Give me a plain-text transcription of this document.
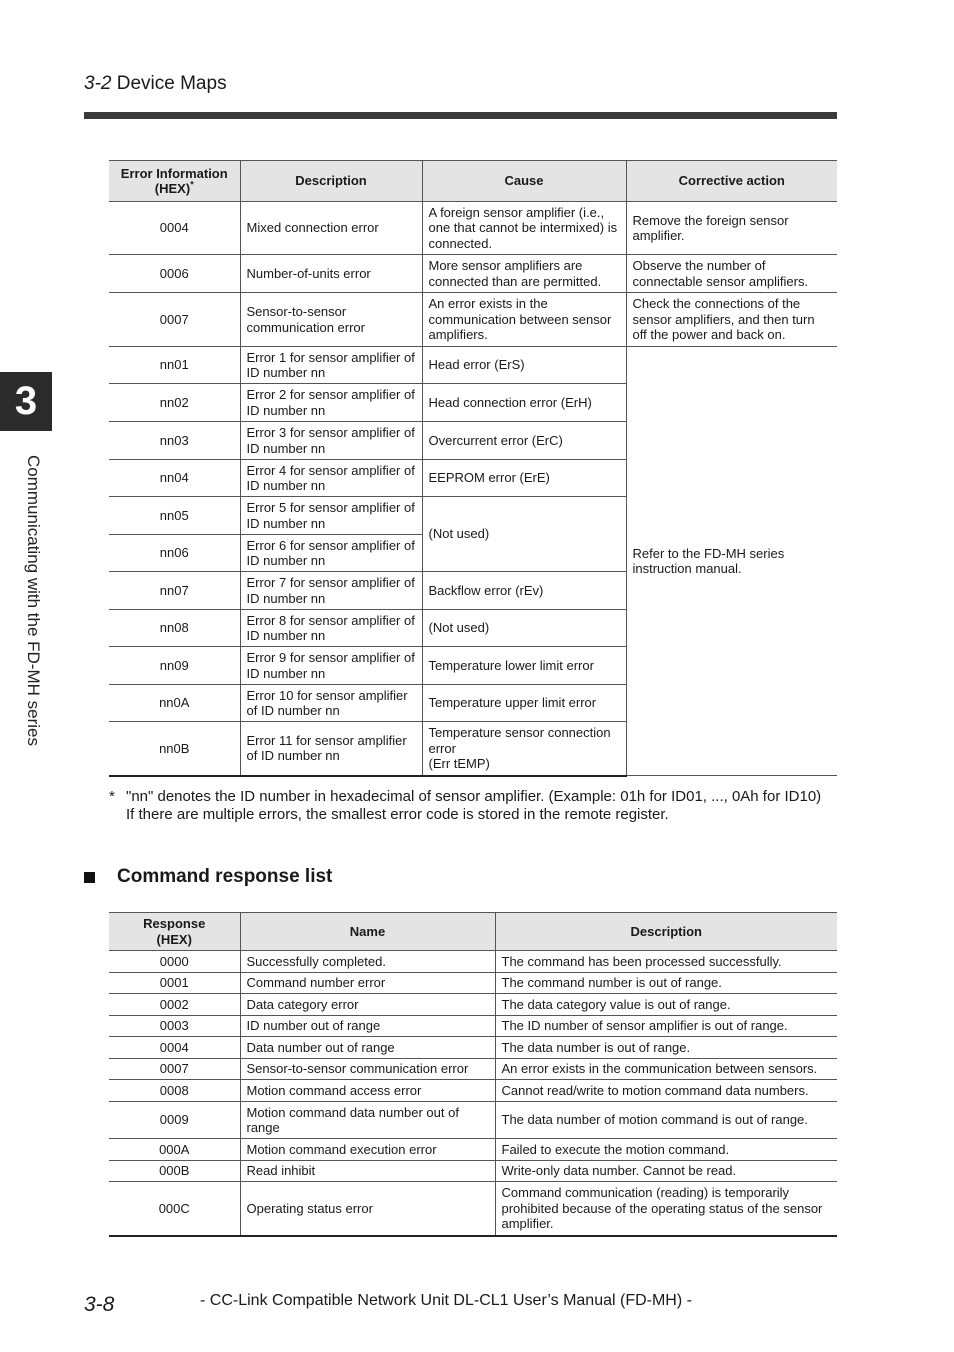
3-2 Device Maps
3
Communicating with the FD-MH series
Error Information
(HEX)*	Description	Cause	Corrective action
0004	Mixed connection error	A foreign sensor amplifier (i.e., one that cannot be intermixed) is connected.	Remove the foreign sensor amplifier.
0006	Number-of-units error	More sensor amplifiers are connected than are permitted.	Observe the number of connectable sensor amplifiers.
0007	Sensor-to-sensor communication error	An error exists in the communication between sensor amplifiers.	Check the connections of the sensor amplifiers, and then turn off the power and back on.
nn01	Error 1 for sensor amplifier of ID number nn	Head error (ErS)	Refer to the FD-MH series instruction manual.
nn02	Error 2 for sensor amplifier of ID number nn	Head connection error (ErH)	
nn03	Error 3 for sensor amplifier of ID number nn	Overcurrent error (ErC)	
nn04	Error 4 for sensor amplifier of ID number nn	EEPROM error (ErE)	
nn05	Error 5 for sensor amplifier of ID number nn	(Not used)	
nn06	Error 6 for sensor amplifier of ID number nn		
nn07	Error 7 for sensor amplifier of ID number nn	Backflow error (rEv)	
nn08	Error 8 for sensor amplifier of ID number nn	(Not used)	
nn09	Error 9 for sensor amplifier of ID number nn	Temperature lower limit error	
nn0A	Error 10 for sensor amplifier of ID number nn	Temperature upper limit error	
nn0B	Error 11 for sensor amplifier of ID number nn	Temperature sensor connection error
(Err tEMP)	
* "nn" denotes the ID number in hexadecimal of sensor amplifier. (Example: 01h for ID01, ..., 0Ah for ID10)
If there are multiple errors, the smallest error code is stored in the remote register.
Command response list
Response
(HEX)	Name	Description
0000	Successfully completed.	The command has been processed successfully.
0001	Command number error	The command number is out of range.
0002	Data category error	The data category value is out of range.
0003	ID number out of range	The ID number of sensor amplifier is out of range.
0004	Data number out of range	The data number is out of range.
0007	Sensor-to-sensor communication error	An error exists in the communication between sensors.
0008	Motion command access error	Cannot read/write to motion command data numbers.
0009	Motion command data number out of range	The data number of motion command is out of range.
000A	Motion command execution error	Failed to execute the motion command.
000B	Read inhibit	Write-only data number. Cannot be read.
000C	Operating status error	Command communication (reading) is temporarily prohibited because of the operating status of the sensor amplifier.
3-8	- CC-Link Compatible Network Unit DL-CL1 User’s Manual (FD-MH) -
